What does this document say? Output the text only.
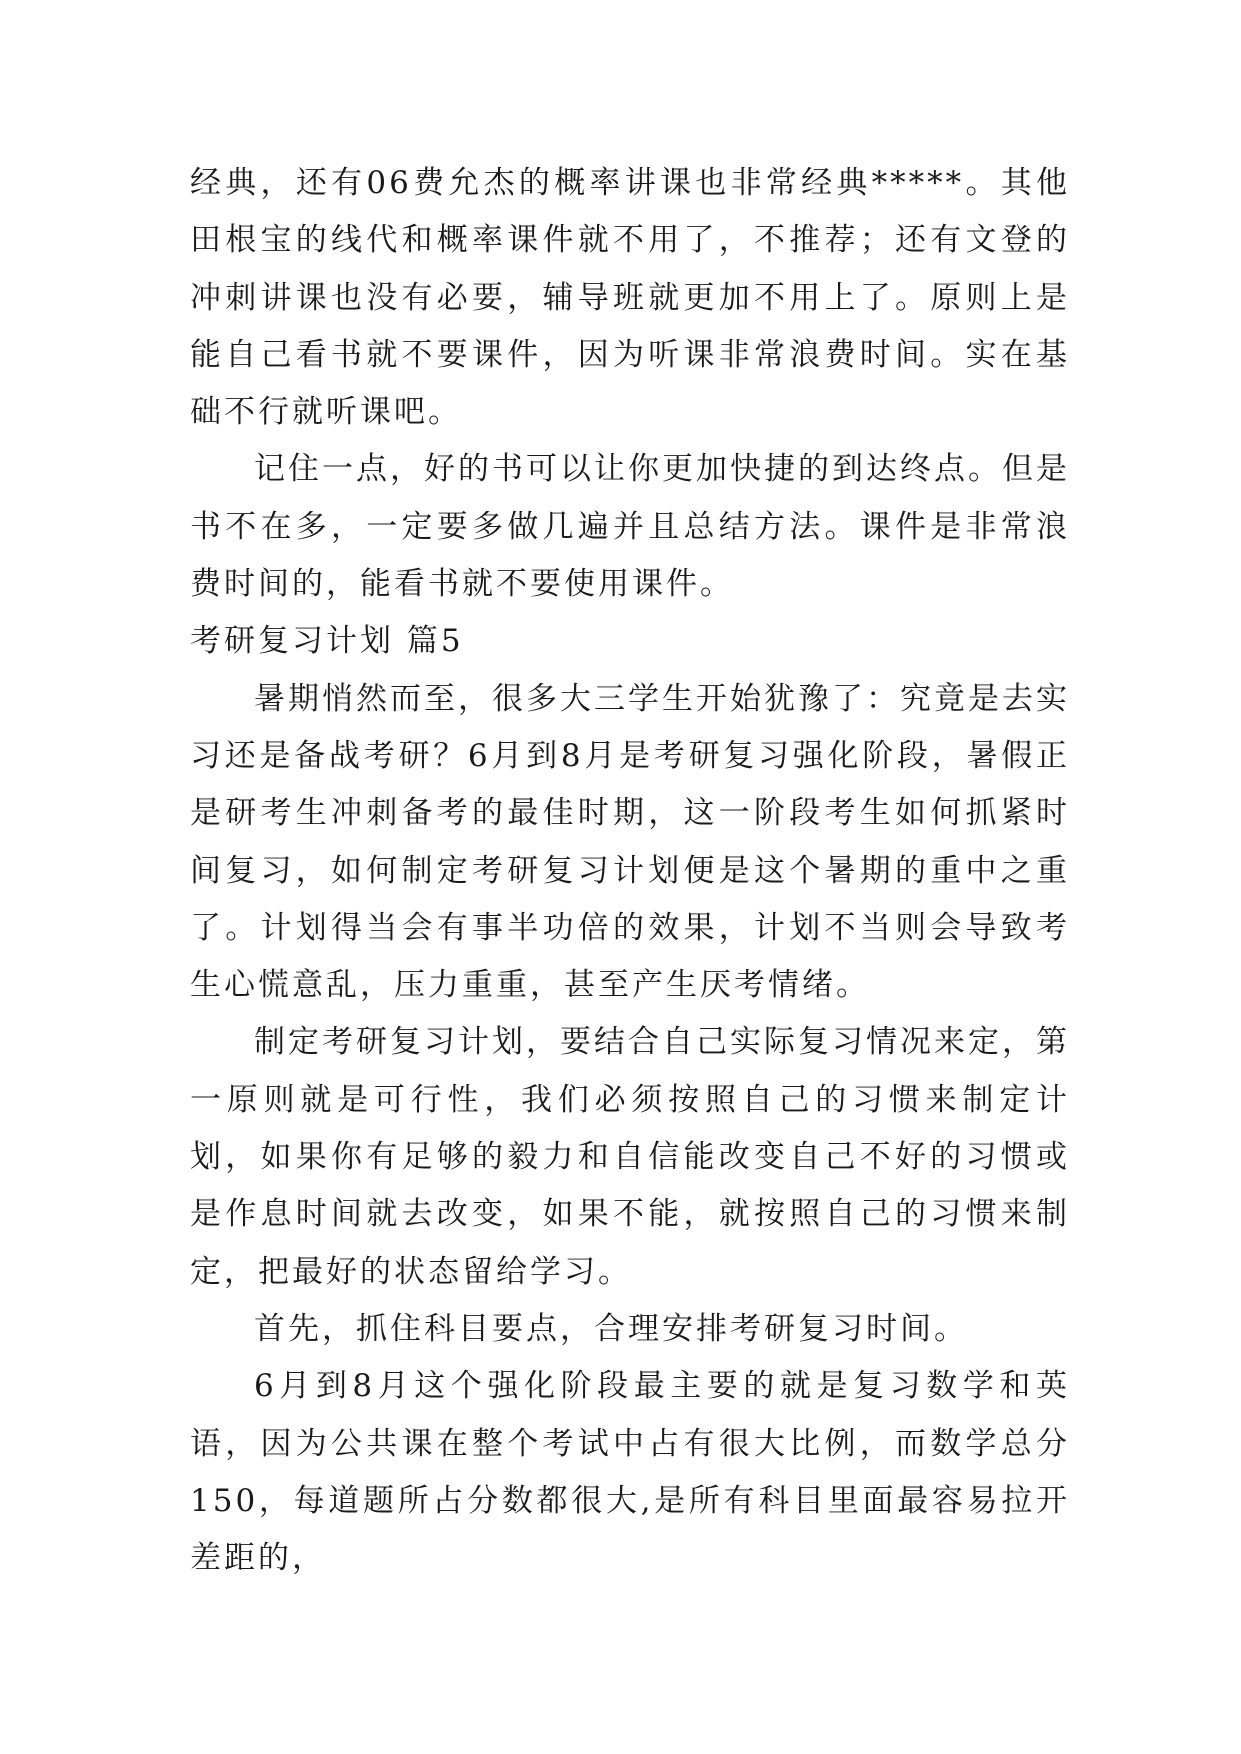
经典，还有06费允杰的概率讲课也非常经典*****。其他田根宝的线代和概率课件就不用了，不推荐；还有文登的冲刺讲课也没有必要，辅导班就更加不用上了。原则上是能自己看书就不要课件，因为听课非常浪费时间。实在基础不行就听课吧。

记住一点，好的书可以让你更加快捷的到达终点。但是书不在多，一定要多做几遍并且总结方法。课件是非常浪费时间的，能看书就不要使用课件。

考研复习计划 篇5

暑期悄然而至，很多大三学生开始犹豫了：究竟是去实习还是备战考研？6月到8月是考研复习强化阶段，暑假正是研考生冲刺备考的最佳时期，这一阶段考生如何抓紧时间复习，如何制定考研复习计划便是这个暑期的重中之重了。计划得当会有事半功倍的效果，计划不当则会导致考生心慌意乱，压力重重，甚至产生厌考情绪。

制定考研复习计划，要结合自己实际复习情况来定，第一原则就是可行性，我们必须按照自己的习惯来制定计划，如果你有足够的毅力和自信能改变自己不好的习惯或是作息时间就去改变，如果不能，就按照自己的习惯来制定，把最好的状态留给学习。

首先，抓住科目要点，合理安排考研复习时间。

6月到8月这个强化阶段最主要的就是复习数学和英语，因为公共课在整个考试中占有很大比例，而数学总分150，每道题所占分数都很大,是所有科目里面最容易拉开差距的，
